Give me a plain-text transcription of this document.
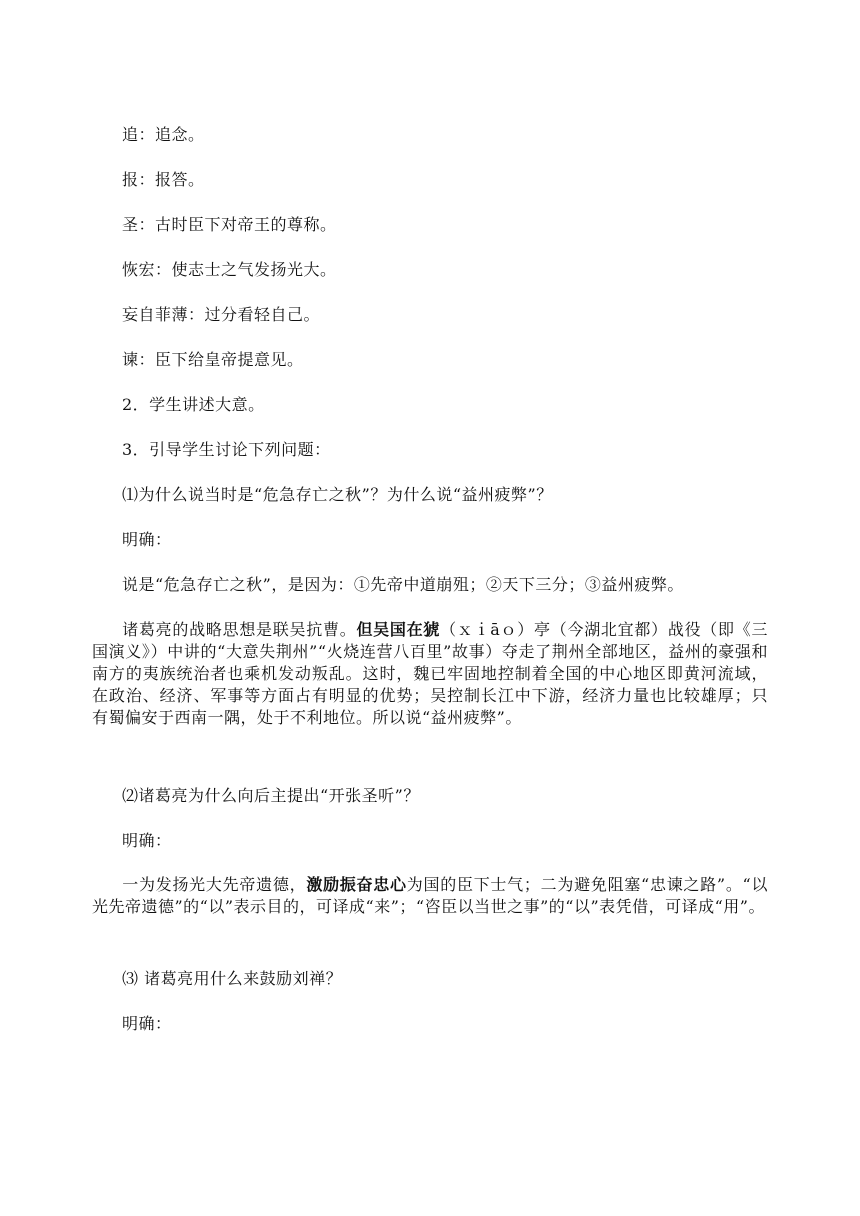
追：追念。
报：报答。
圣：古时臣下对帝王的尊称。
恢宏：使志士之气发扬光大。
妄自菲薄：过分看轻自己。
谏：臣下给皇帝提意见。
2．学生讲述大意。
3．引导学生讨论下列问题：
⑴为什么说当时是“危急存亡之秋”？为什么说“益州疲弊”？
明确：
说是“危急存亡之秋”，是因为：①先帝中道崩殂；②天下三分；③益州疲弊。
诸葛亮的战略思想是联吴抗曹。但吴国在猇（ｘｉāｏ）亭（今湖北宜都）战役（即《三国演义》）中讲的“大意失荆州”“火烧连营八百里”故事）夺走了荆州全部地区，益州的豪强和南方的夷族统治者也乘机发动叛乱。这时，魏已牢固地控制着全国的中心地区即黄河流域，在政治、经济、军事等方面占有明显的优势；吴控制长江中下游，经济力量也比较雄厚；只有蜀偏安于西南一隅，处于不利地位。所以说“益州疲弊”。
⑵诸葛亮为什么向后主提出“开张圣听”？
明确：
一为发扬光大先帝遗德，激励振奋忠心为国的臣下士气；二为避免阻塞“忠谏之路”。“以光先帝遗德”的“以”表示目的，可译成“来”；“咨臣以当世之事”的“以”表凭借，可译成“用”。
⑶ 诸葛亮用什么来鼓励刘禅？
明确：
